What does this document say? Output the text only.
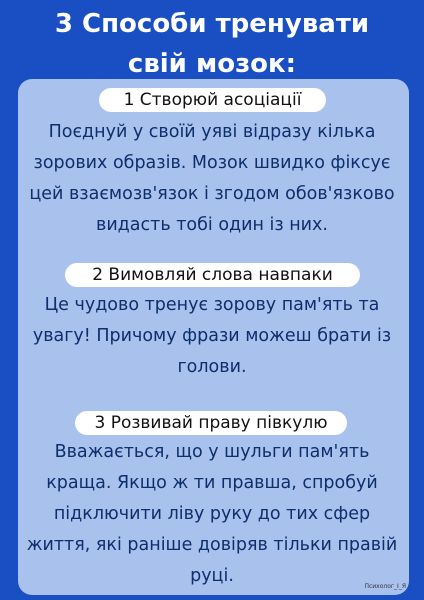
3 Способи тренувати
свій мозок:
1 Створюй асоціації
Поєднуй у своїй уяві відразу кілька
зорових образів. Мозок швидко фіксує
цей взаємозв'язок і згодом обов'язково
видасть тобі один із них.
2 Вимовляй слова навпаки
Це чудово тренує зорову пам'ять та
увагу! Причому фрази можеш брати із
голови.
3 Розвивай праву півкулю
Вважається, що у шульги пам'ять
краща. Якщо ж ти правша, спробуй
підключити ліву руку до тих сфер
життя, які раніше довіряв тільки правій
руці.
Психолог_І_Я
